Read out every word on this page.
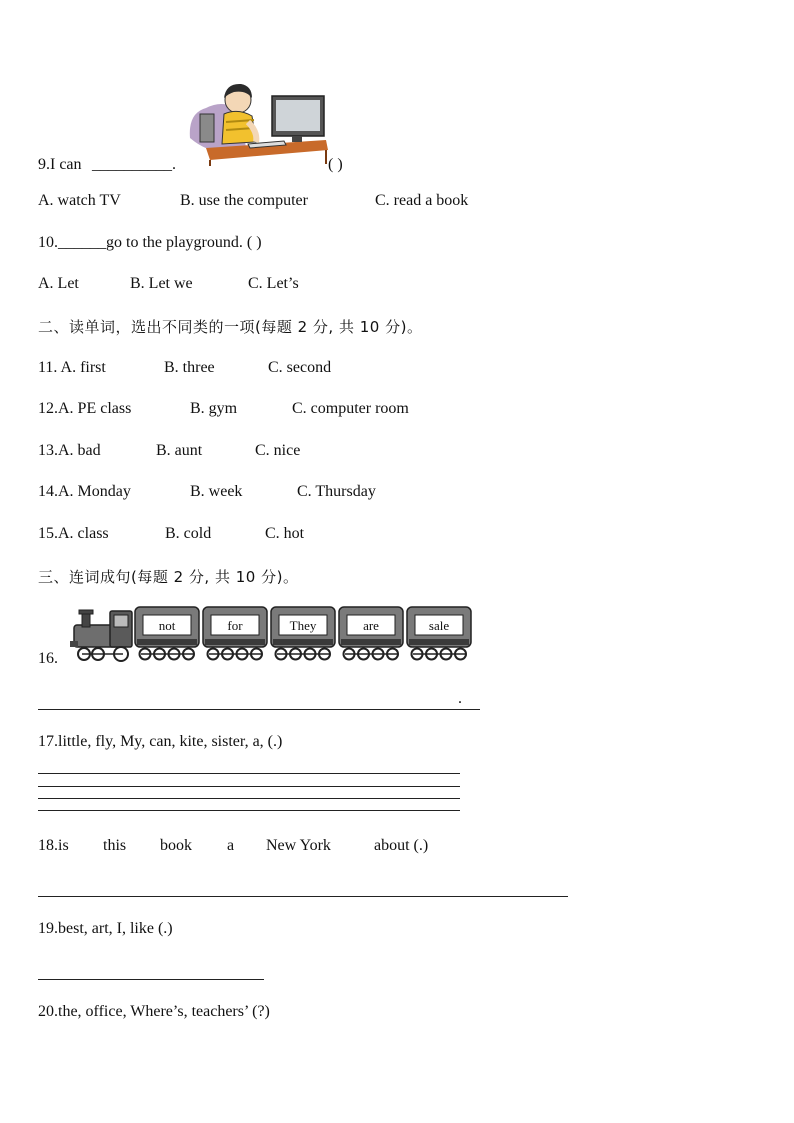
9.I can __________.	( )
A. watch TV	B. use the computer	C. read a book
10.______go to the playground. ( )
A. Let	B. Let we	C. Let’s
二、读单词，选出不同类的一项(每题 2 分, 共 10 分)。
11. A. first	B. three	C. second
12.A. PE class	B. gym	C. computer room
13.A. bad	B. aunt	C. nice
14.A. Monday	B. week	C. Thursday
15.A. class	B. cold	C. hot
三、连词成句(每题 2 分, 共 10 分)。
16.
not	for	They	are	sale
.
17.little, fly, My, can, kite, sister, a, (.)
18.is this book a New York	about (.)
19.best, art, I, like (.)
20.the, office, Where’s, teachers’ (?)
